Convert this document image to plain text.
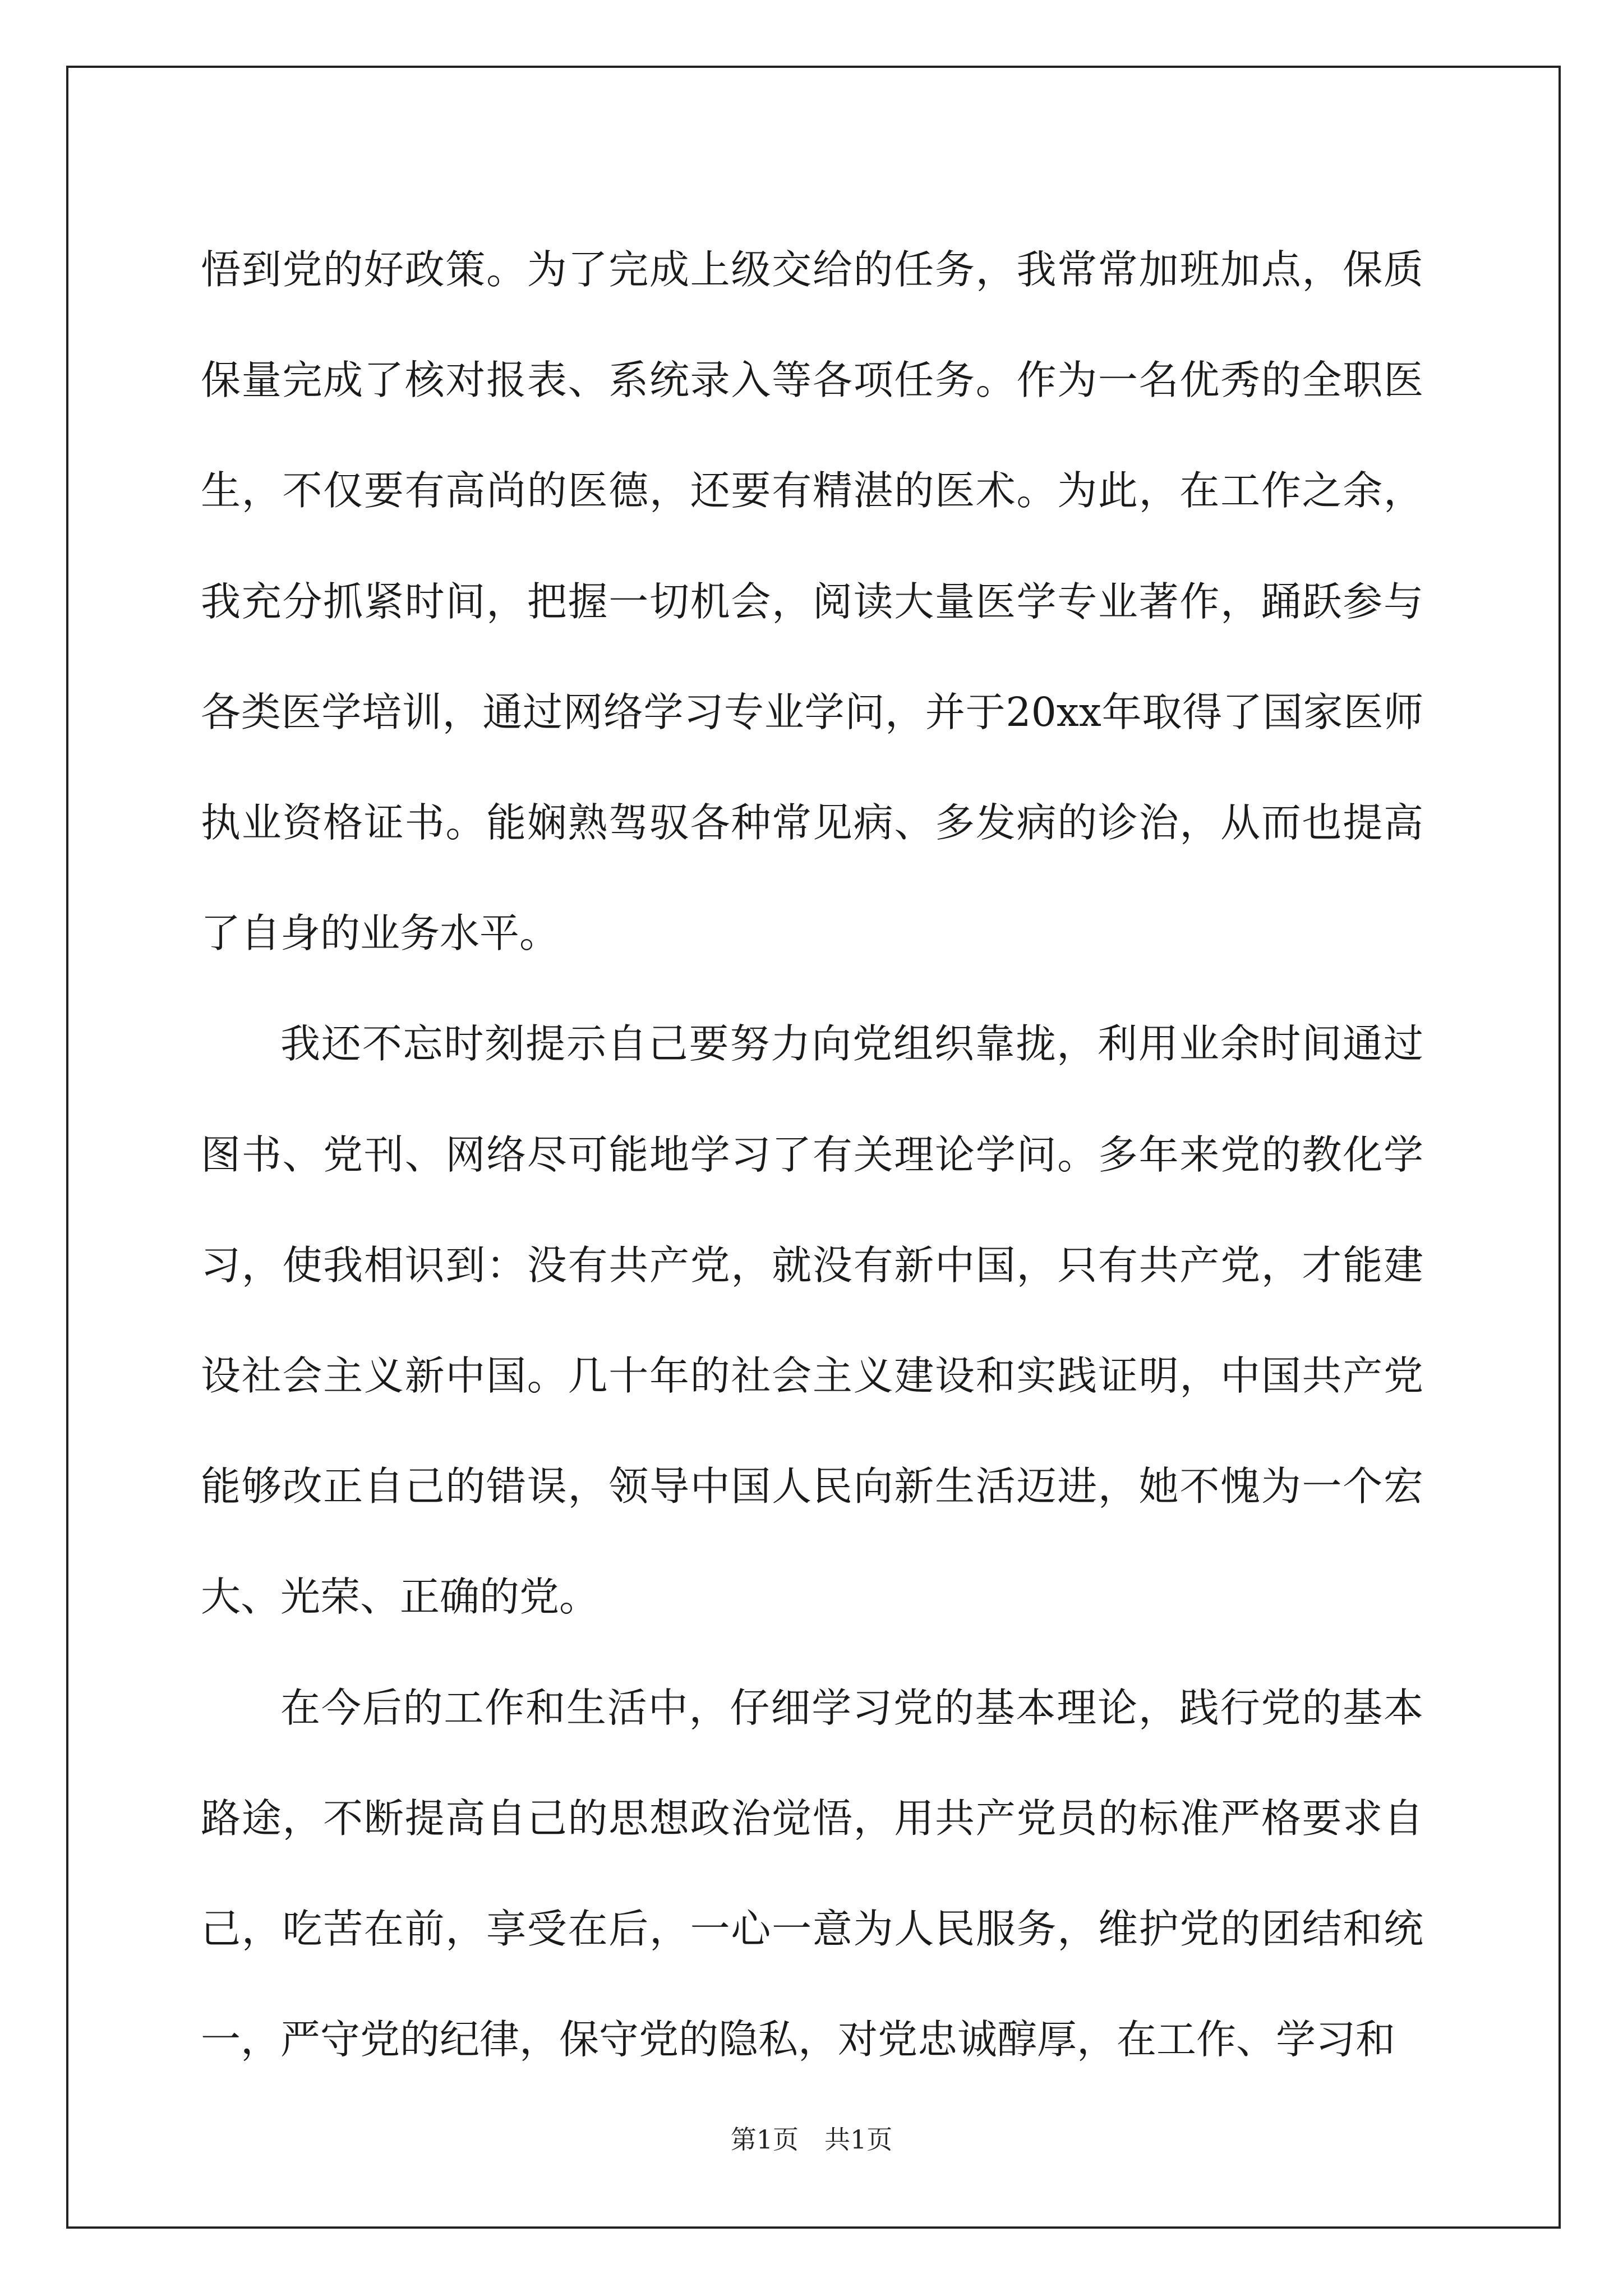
悟到党的好政策。为了完成上级交给的任务，我常常加班加点，保质保量完成了核对报表、系统录入等各项任务。作为一名优秀的全职医生，不仅要有高尚的医德，还要有精湛的医术。为此，在工作之余，我充分抓紧时间，把握一切机会，阅读大量医学专业著作，踊跃参与各类医学培训，通过网络学习专业学问，并于20xx年取得了国家医师执业资格证书。能娴熟驾驭各种常见病、多发病的诊治，从而也提高了自身的业务水平。

我还不忘时刻提示自己要努力向党组织靠拢，利用业余时间通过图书、党刊、网络尽可能地学习了有关理论学问。多年来党的教化学习，使我相识到：没有共产党，就没有新中国，只有共产党，才能建设社会主义新中国。几十年的社会主义建设和实践证明，中国共产党能够改正自己的错误，领导中国人民向新生活迈进，她不愧为一个宏大、光荣、正确的党。

在今后的工作和生活中，仔细学习党的基本理论，践行党的基本路途，不断提高自己的思想政治觉悟，用共产党员的标准严格要求自己，吃苦在前，享受在后，一心一意为人民服务，维护党的团结和统一，严守党的纪律，保守党的隐私，对党忠诚醇厚，在工作、学习和

第1页 共1页
